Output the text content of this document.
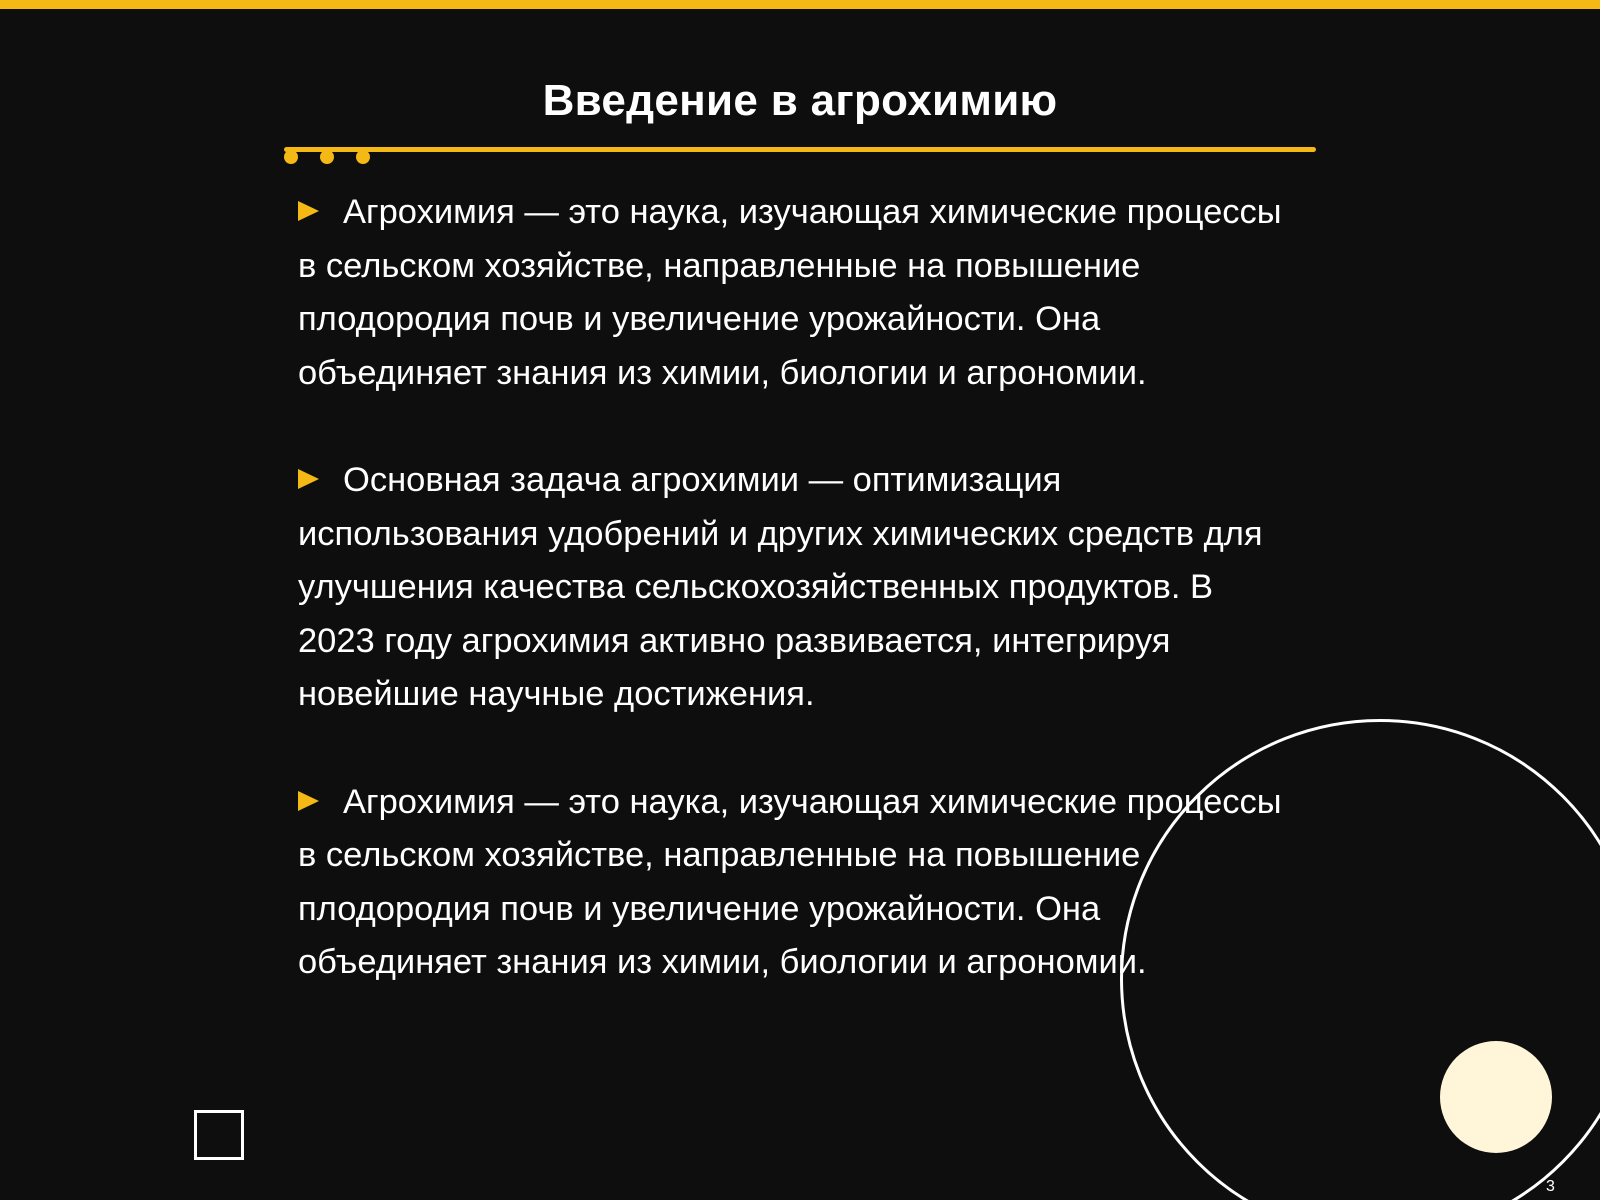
Введение в агрохимию

Агрохимия — это наука, изучающая химические процессы в сельском хозяйстве, направленные на повышение плодородия почв и увеличение урожайности. Она объединяет знания из химии, биологии и агрономии.

Основная задача агрохимии — оптимизация использования удобрений и других химических средств для улучшения качества сельскохозяйственных продуктов. В 2023 году агрохимия активно развивается, интегрируя новейшие научные достижения.

Агрохимия — это наука, изучающая химические процессы в сельском хозяйстве, направленные на повышение плодородия почв и увеличение урожайности. Она объединяет знания из химии, биологии и агрономии.

3
